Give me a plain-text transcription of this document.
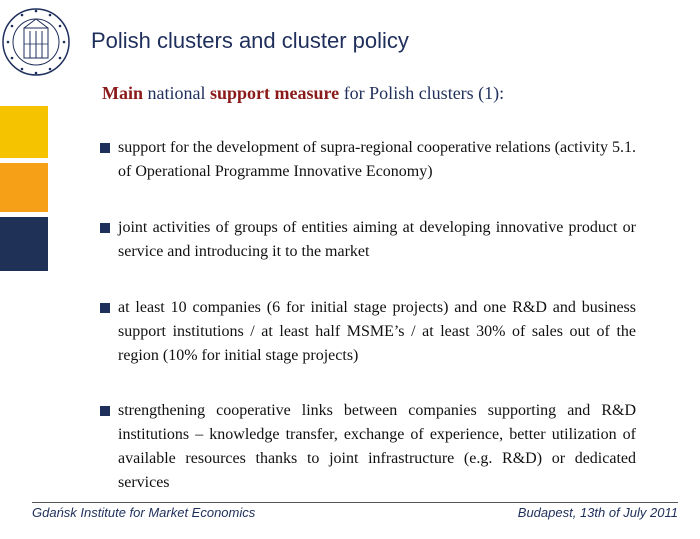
Polish clusters and cluster policy
Main national support measure for Polish clusters (1):
support for the development of supra-regional cooperative relations (activity 5.1. of Operational Programme Innovative Economy)
joint activities of groups of entities aiming at developing innovative product or service and introducing it to the market
at least 10 companies (6 for initial stage projects) and one R&D and business support institutions / at least half MSME’s / at least 30% of sales out of the region (10% for initial stage projects)
strengthening cooperative links between companies supporting and R&D institutions – knowledge transfer, exchange of experience, better utilization of available resources thanks to joint infrastructure (e.g. R&D) or dedicated services
Gdańsk Institute for Market Economics	Budapest, 13th of July 2011
